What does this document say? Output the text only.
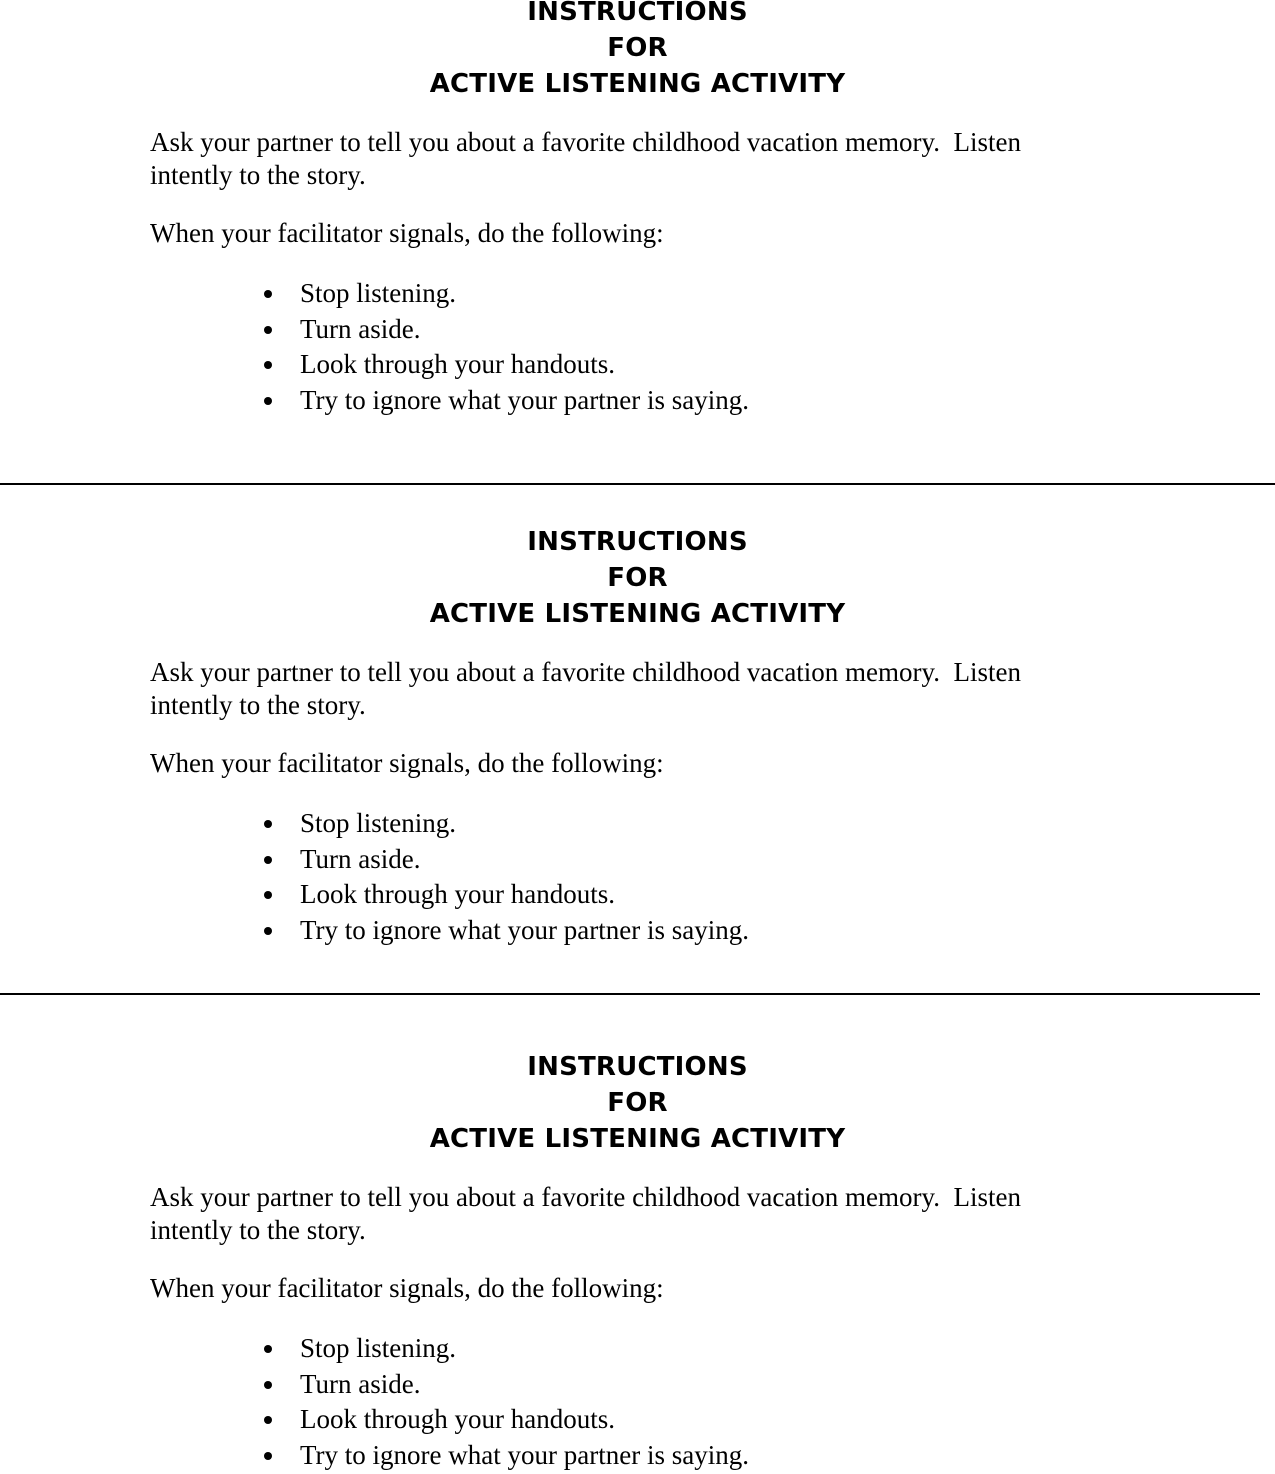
INSTRUCTIONS
FOR
ACTIVE LISTENING ACTIVITY

Ask your partner to tell you about a favorite childhood vacation memory.  Listen
intently to the story.

When your facilitator signals, do the following:

Stop listening.
Turn aside.
Look through your handouts.
Try to ignore what your partner is saying.
INSTRUCTIONS
FOR
ACTIVE LISTENING ACTIVITY

Ask your partner to tell you about a favorite childhood vacation memory.  Listen
intently to the story.

When your facilitator signals, do the following:

Stop listening.
Turn aside.
Look through your handouts.
Try to ignore what your partner is saying.
INSTRUCTIONS
FOR
ACTIVE LISTENING ACTIVITY

Ask your partner to tell you about a favorite childhood vacation memory.  Listen
intently to the story.

When your facilitator signals, do the following:

Stop listening.
Turn aside.
Look through your handouts.
Try to ignore what your partner is saying.
